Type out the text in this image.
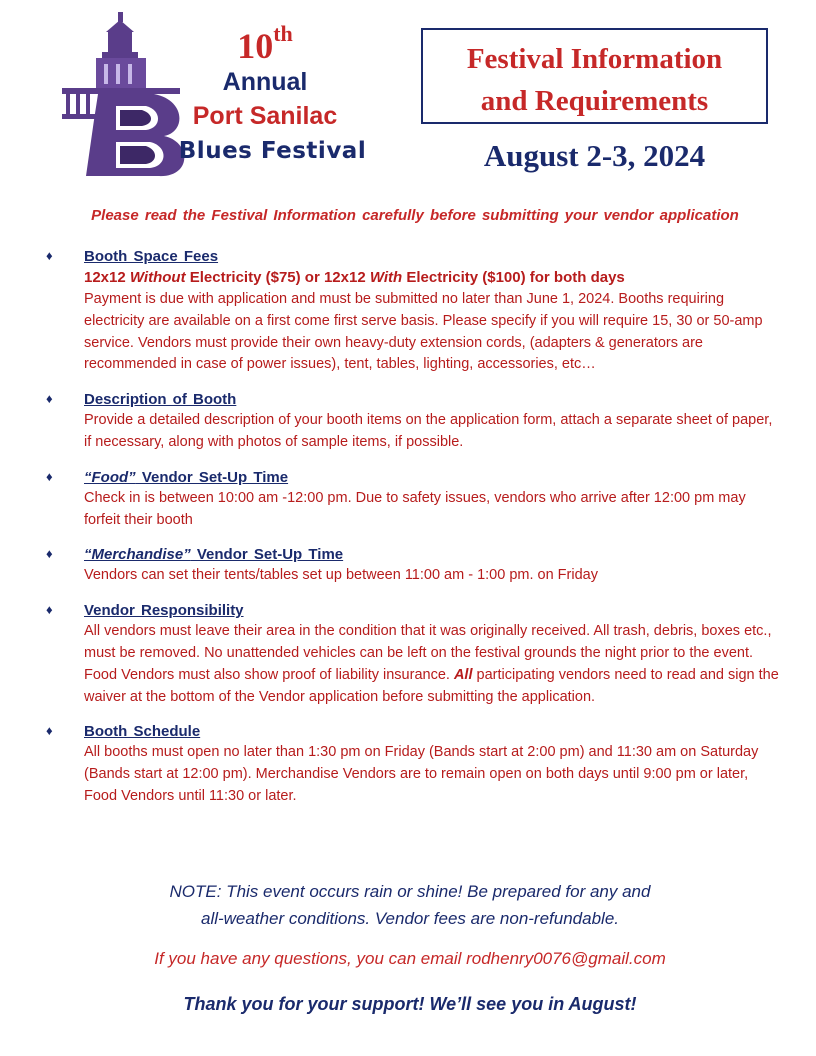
10th
Annual
Port Sanilac
Blues Festival
Festival Information
and Requirements
August 2-3, 2024
Please read the Festival Information carefully before submitting your vendor application
♦ Booth Space Fees
12x12 Without Electricity ($75) or 12x12 With Electricity ($100) for both days

Payment is due with application and must be submitted no later than June 1, 2024. Booths requiring electricity are available on a first come first serve basis. Please specify if you will require 15, 30 or 50-amp service. Vendors must provide their own heavy-duty extension cords, (adapters & generators are recommended in case of power issues), tent, tables, lighting, accessories, etc…

♦ Description of Booth

Provide a detailed description of your booth items on the application form, attach a separate sheet of paper, if necessary, along with photos of sample items, if possible.

♦ “Food” Vendor Set-Up Time

Check in is between 10:00 am -12:00 pm. Due to safety issues, vendors who arrive after 12:00 pm may forfeit their booth

♦ “Merchandise” Vendor Set-Up Time

Vendors can set their tents/tables set up between 11:00 am - 1:00 pm. on Friday

♦ Vendor Responsibility

All vendors must leave their area in the condition that it was originally received. All trash, debris, boxes etc., must be removed. No unattended vehicles can be left on the festival grounds the night prior to the event. Food Vendors must also show proof of liability insurance. All participating vendors need to read and sign the waiver at the bottom of the Vendor application before submitting the application.

♦ Booth Schedule

All booths must open no later than 1:30 pm on Friday (Bands start at 2:00 pm) and 11:30 am on Saturday (Bands start at 12:00 pm). Merchandise Vendors are to remain open on both days until 9:00 pm or later, Food Vendors until 11:30 or later.

NOTE: This event occurs rain or shine! Be prepared for any and
all-weather conditions. Vendor fees are non-refundable.
If you have any questions, you can email rodhenry0076@gmail.com
Thank you for your support! We’ll see you in August!
